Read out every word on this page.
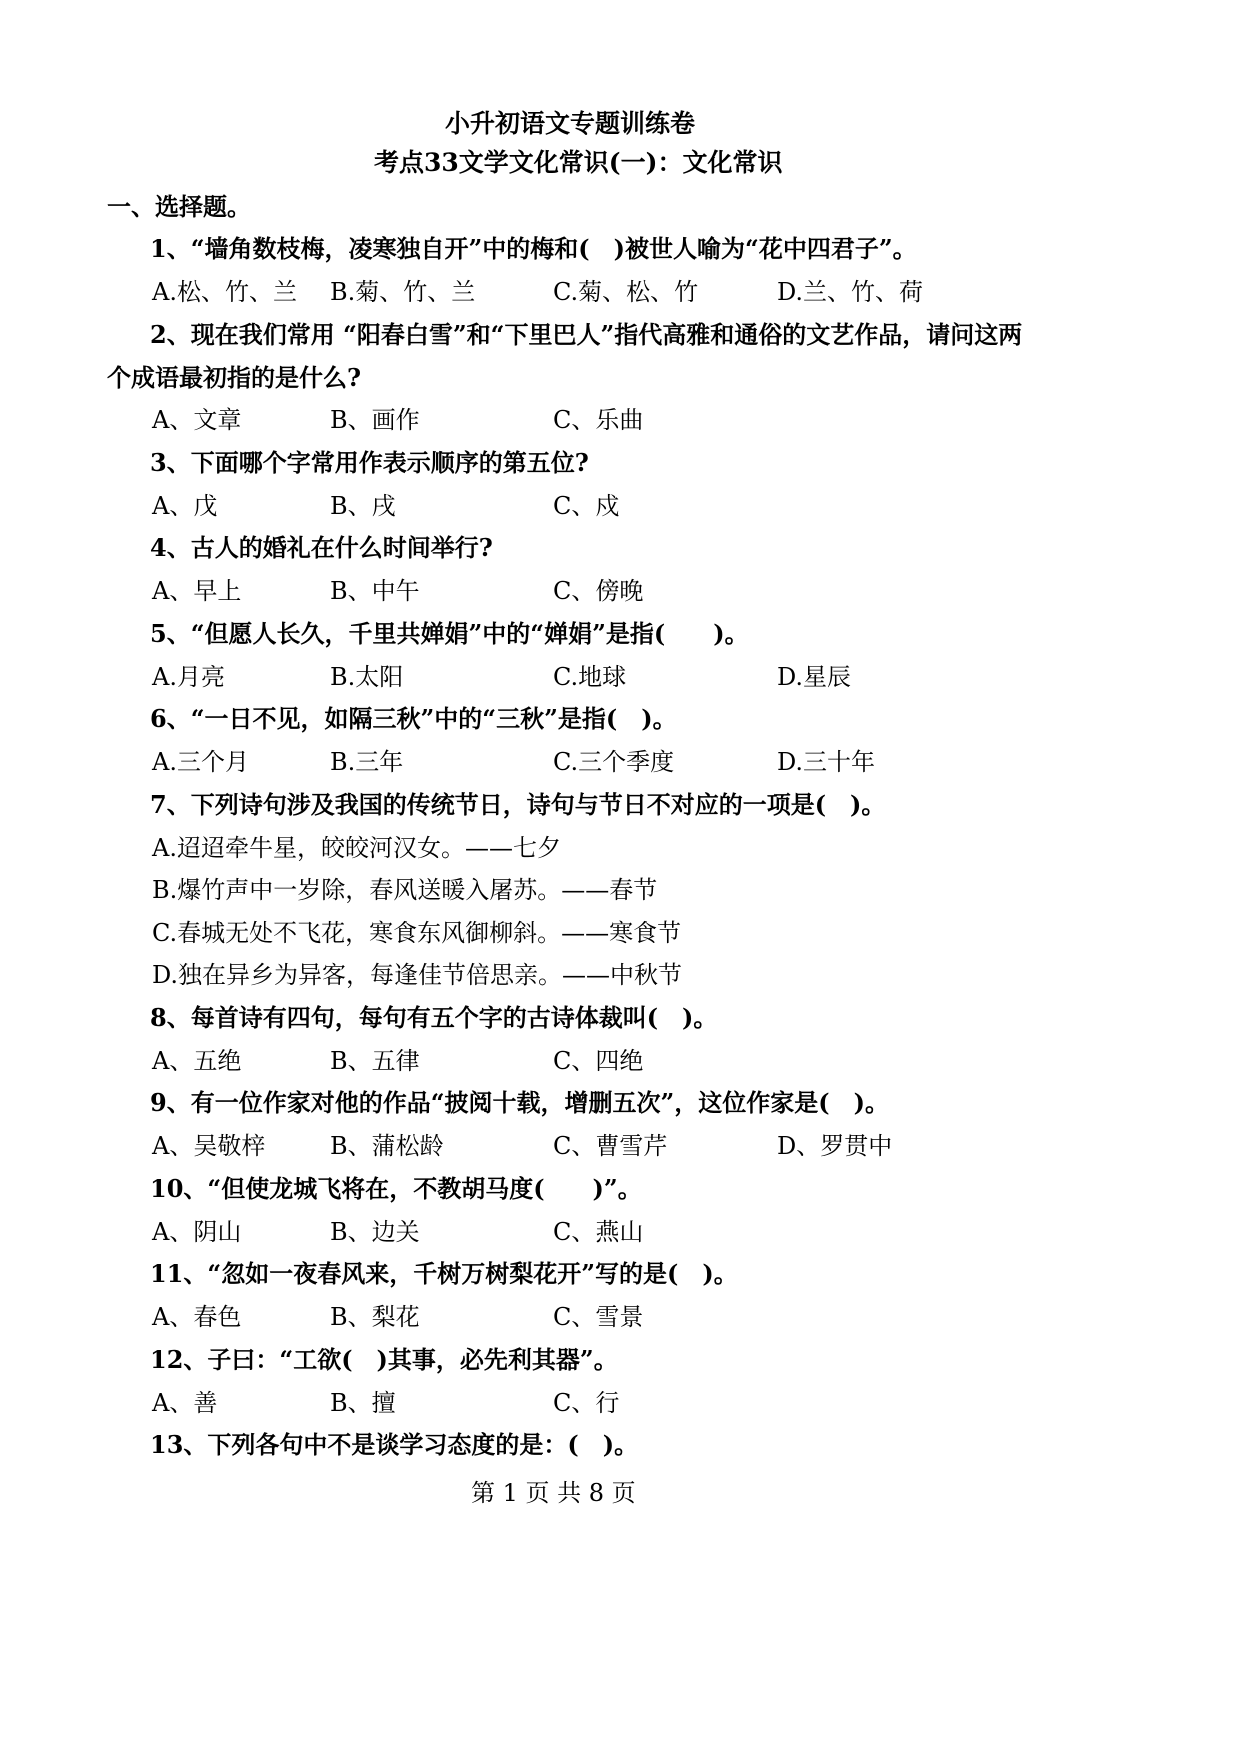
小升初语文专题训练卷
考点33文学文化常识(一)：文化常识
一、选择题。
1、“墙角数枝梅，凌寒独自开”中的梅和(　)被世人喻为“花中四君子”。
A.松、竹、兰 B.菊、竹、兰	C.菊、松、竹	D.兰、竹、荷
2、现在我们常用 “阳春白雪”和“下里巴人”指代高雅和通俗的文艺作品，请问这两
个成语最初指的是什么?
A、文章	B、画作	C、乐曲
3、下面哪个字常用作表示顺序的第五位?
A、戊	B、戌	C、戍
4、古人的婚礼在什么时间举行?
A、早上	B、中午	C、傍晚
5、“但愿人长久，千里共婵娟”中的“婵娟”是指(　　)。
A.月亮	B.太阳	C.地球	D.星辰
6、“一日不见，如隔三秋”中的“三秋”是指(　)。
A.三个月	B.三年	C.三个季度	D.三十年
7、下列诗句涉及我国的传统节日，诗句与节日不对应的一项是(　)。
A.迢迢牵牛星，皎皎河汉女。——七夕
B.爆竹声中一岁除，春风送暖入屠苏。——春节
C.春城无处不飞花，寒食东风御柳斜。——寒食节
D.独在异乡为异客，每逢佳节倍思亲。——中秋节
8、每首诗有四句，每句有五个字的古诗体裁叫(　)。
A、五绝	B、五律	C、四绝
9、有一位作家对他的作品“披阅十载，增删五次”，这位作家是(　)。
A、吴敬梓	B、蒲松龄	C、曹雪芹	D、罗贯中
10、“但使龙城飞将在，不教胡马度(　　)”。
A、阴山	B、边关	C、燕山
11、“忽如一夜春风来，千树万树梨花开”写的是(　)。
A、春色	B、梨花	C、雪景
12、子曰：“工欲(　)其事，必先利其器”。
A、善	B、擅	C、行
13、下列各句中不是谈学习态度的是：(　)。
第 1 页 共 8 页
